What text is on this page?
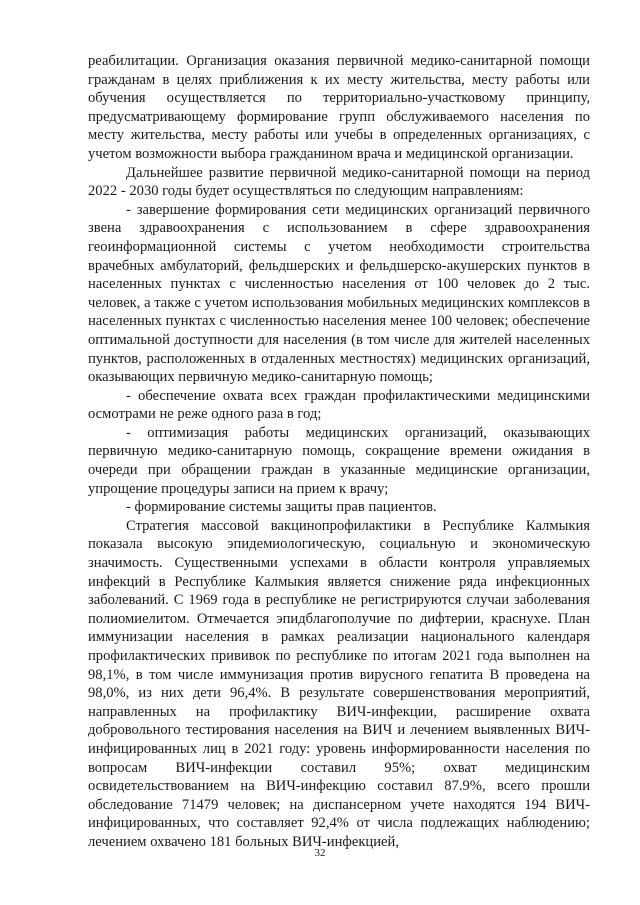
реабилитации. Организация оказания первичной медико-санитарной помощи гражданам в целях приближения к их месту жительства, месту работы или обучения осуществляется по территориально-участковому принципу, предусматривающему формирование групп обслуживаемого населения по месту жительства, месту работы или учебы в определенных организациях, с учетом возможности выбора гражданином врача и медицинской организации.

Дальнейшее развитие первичной медико-санитарной помощи на период 2022 - 2030 годы будет осуществляться по следующим направлениям:

- завершение формирования сети медицинских организаций первичного звена здравоохранения с использованием в сфере здравоохранения геоинформационной системы с учетом необходимости строительства врачебных амбулаторий, фельдшерских и фельдшерско-акушерских пунктов в населенных пунктах с численностью населения от 100 человек до 2 тыс. человек, а также с учетом использования мобильных медицинских комплексов в населенных пунктах с численностью населения менее 100 человек; обеспечение оптимальной доступности для населения (в том числе для жителей населенных пунктов, расположенных в отдаленных местностях) медицинских организаций, оказывающих первичную медико-санитарную помощь;

- обеспечение охвата всех граждан профилактическими медицинскими осмотрами не реже одного раза в год;

- оптимизация работы медицинских организаций, оказывающих первичную медико-санитарную помощь, сокращение времени ожидания в очереди при обращении граждан в указанные медицинские организации, упрощение процедуры записи на прием к врачу;

- формирование системы защиты прав пациентов.

Стратегия массовой вакцинопрофилактики в Республике Калмыкия показала высокую эпидемиологическую, социальную и экономическую значимость. Существенными успехами в области контроля управляемых инфекций в Республике Калмыкия является снижение ряда инфекционных заболеваний. С 1969 года в республике не регистрируются случаи заболевания полиомиелитом. Отмечается эпидблагополучие по дифтерии, краснухе. План иммунизации населения в рамках реализации национального календаря профилактических прививок по республике по итогам 2021 года выполнен на 98,1%, в том числе иммунизация против вирусного гепатита В проведена на 98,0%, из них дети 96,4%. В результате совершенствования мероприятий, направленных на профилактику ВИЧ-инфекции, расширение охвата добровольного тестирования населения на ВИЧ и лечением выявленных ВИЧ-инфицированных лиц в 2021 году: уровень информированности населения по вопросам ВИЧ-инфекции составил 95%; охват медицинским освидетельствованием на ВИЧ-инфекцию составил 87.9%, всего прошли обследование 71479 человек; на диспансерном учете находятся 194 ВИЧ-инфицированных, что составляет 92,4% от числа подлежащих наблюдению; лечением охвачено 181 больных ВИЧ-инфекцией,

32
